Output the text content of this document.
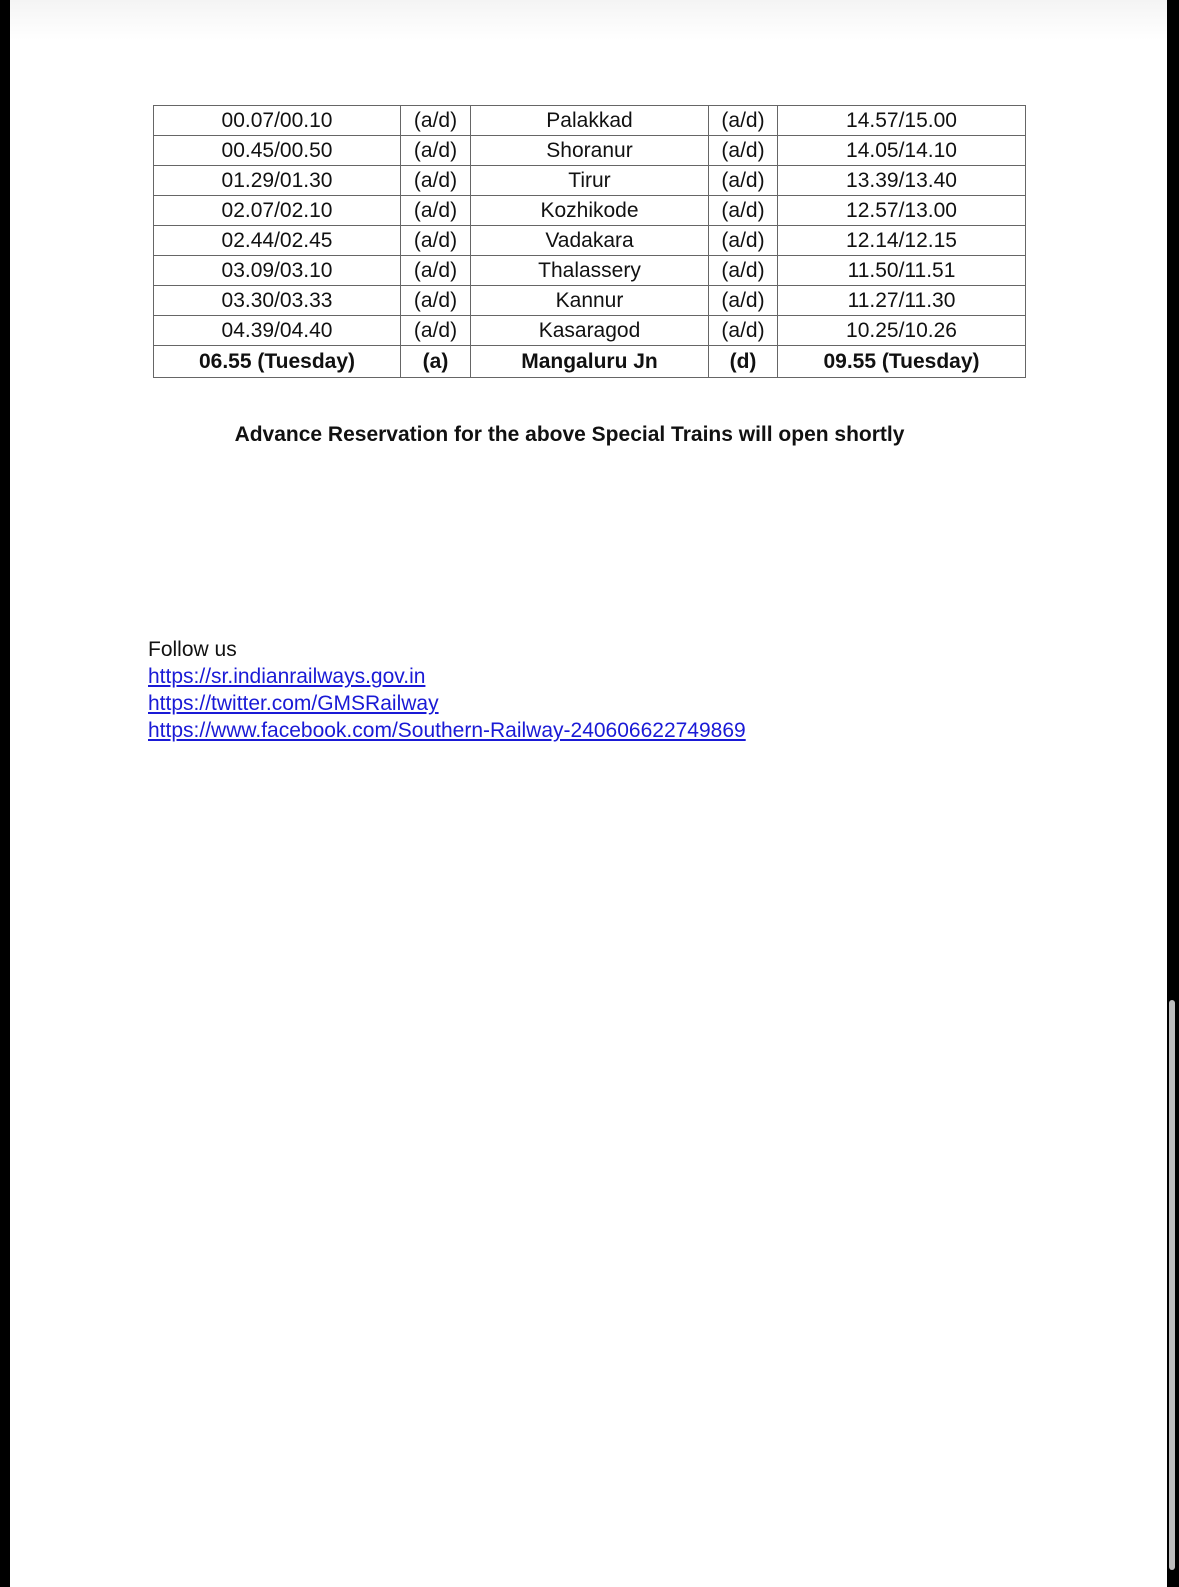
00.07/00.10	(a/d)	Palakkad	(a/d)	14.57/15.00
00.45/00.50	(a/d)	Shoranur	(a/d)	14.05/14.10
01.29/01.30	(a/d)	Tirur	(a/d)	13.39/13.40
02.07/02.10	(a/d)	Kozhikode	(a/d)	12.57/13.00
02.44/02.45	(a/d)	Vadakara	(a/d)	12.14/12.15
03.09/03.10	(a/d)	Thalassery	(a/d)	11.50/11.51
03.30/03.33	(a/d)	Kannur	(a/d)	11.27/11.30
04.39/04.40	(a/d)	Kasaragod	(a/d)	10.25/10.26
06.55 (Tuesday)	(a)	Mangaluru Jn	(d)	09.55 (Tuesday)
Advance Reservation for the above Special Trains will open shortly
Follow us
https://sr.indianrailways.gov.in
https://twitter.com/GMSRailway
https://www.facebook.com/Southern-Railway-240606622749869
